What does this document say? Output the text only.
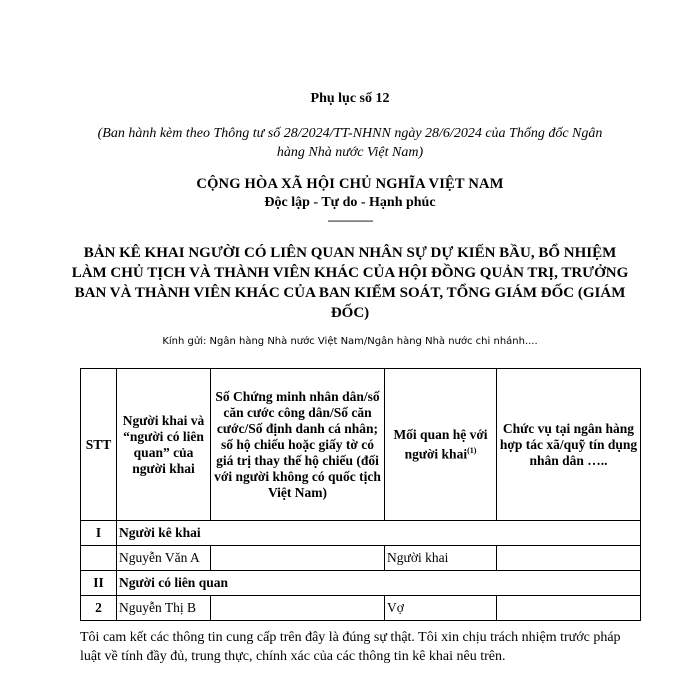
Phụ lục số 12
(Ban hành kèm theo Thông tư số 28/2024/TT-NHNN ngày 28/6/2024 của Thống đốc Ngân hàng Nhà nước Việt Nam)
CỘNG HÒA XÃ HỘI CHỦ NGHĨA VIỆT NAM
Độc lập - Tự do - Hạnh phúc
---------------
BẢN KÊ KHAI NGƯỜI CÓ LIÊN QUAN NHÂN SỰ DỰ KIẾN BẦU, BỔ NHIỆM LÀM CHỦ TỊCH VÀ THÀNH VIÊN KHÁC CỦA HỘI ĐỒNG QUẢN TRỊ, TRƯỞNG BAN VÀ THÀNH VIÊN KHÁC CỦA BAN KIỂM SOÁT, TỔNG GIÁM ĐỐC (GIÁM ĐỐC)
Kính gửi: Ngân hàng Nhà nước Việt Nam/Ngân hàng Nhà nước chi nhánh....
STT	Người khai và “người có liên quan” của người khai	Số Chứng minh nhân dân/số căn cước công dân/Số căn cước/Số định danh cá nhân; số hộ chiếu hoặc giấy tờ có giá trị thay thế hộ chiếu (đối với người không có quốc tịch Việt Nam)	Mối quan hệ với người khai$^{(1)}$	Chức vụ tại ngân hàng hợp tác xã/quỹ tín dụng nhân dân …..
I	Người kê khai			
	Nguyễn Văn A		Người khai	
II	Người có liên quan			
2	Nguyễn Thị B		Vợ	
Tôi cam kết các thông tin cung cấp trên đây là đúng sự thật. Tôi xin chịu trách nhiệm trước pháp luật về tính đầy đủ, trung thực, chính xác của các thông tin kê khai nêu trên.
